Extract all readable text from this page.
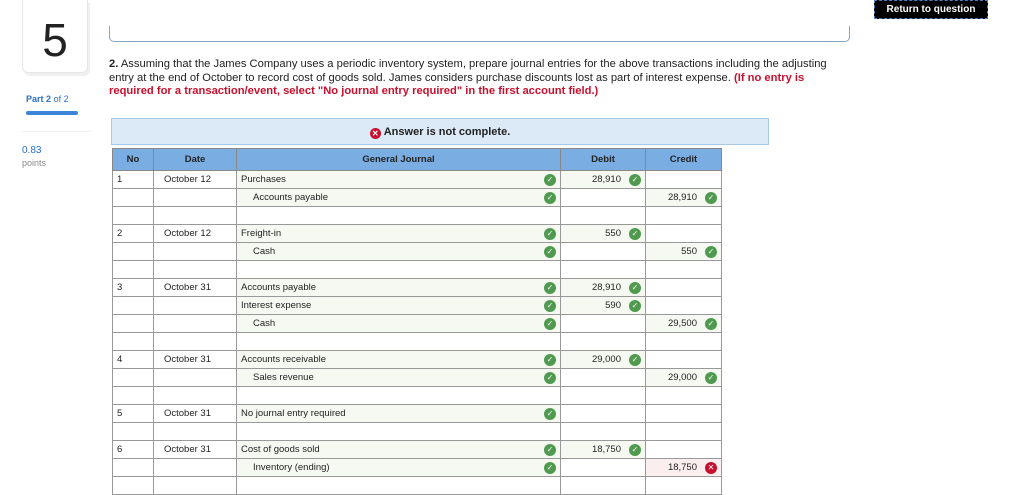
5
Part 2 of 2
0.83
points
Return to question
2. Assuming that the James Company uses a periodic inventory system, prepare journal entries for the above transactions including the adjusting entry at the end of October to record cost of goods sold. James considers purchase discounts lost as part of interest expense. (If no entry is required for a transaction/event, select "No journal entry required" in the first account field.)
✕ Answer is not complete.
No	Date	General Journal	Debit	Credit
1	October 12	Purchases ✓	28,910 ✓	

		Accounts payable ✓		28,910 ✓

2	October 12	Freight-in ✓	550 ✓	

		Cash ✓		550 ✓

3	October 31	Accounts payable ✓	28,910 ✓	

		Interest expense ✓	590 ✓	

		Cash ✓		29,500 ✓

4	October 31	Accounts receivable ✓	29,000 ✓	

		Sales revenue ✓		29,000 ✓

5	October 31	No journal entry required ✓		

6	October 31	Cost of goods sold ✓	18,750 ✓	

		Inventory (ending) ✓		18,750 ✕
